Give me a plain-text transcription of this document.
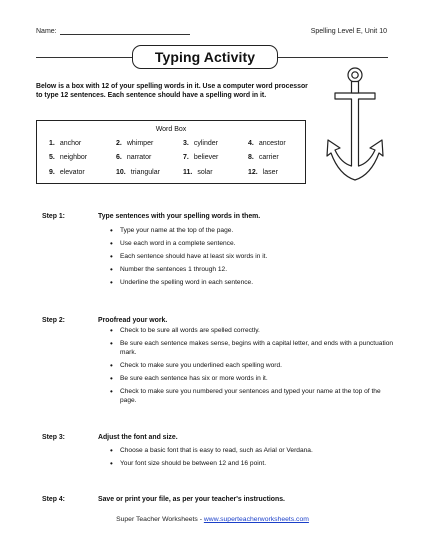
Name:	Spelling Level E, Unit 10
Typing Activity
Below is a box with 12 of your spelling words in it. Use a computer word processor to type 12 sentences. Each sentence should have a spelling word in it.
Word Box
1. anchor	2. whimper	3. cylinder	4. ancestor
5. neighbor	6. narrator	7. believer	8. carrier
9. elevator	10. triangular	11. solar	12. laser
Step 1:	Type sentences with your spelling words in them.
• Type your name at the top of the page.
• Use each word in a complete sentence.
• Each sentence should have at least six words in it.
• Number the sentences 1 through 12.
• Underline the spelling word in each sentence.
Step 2:	Proofread your work.
• Check to be sure all words are spelled correctly.
• Be sure each sentence makes sense, begins with a capital letter, and ends with a punctuation mark.
• Check to make sure you underlined each spelling word.
• Be sure each sentence has six or more words in it.
• Check to make sure you numbered your sentences and typed your name at the top of the page.
Step 3:	Adjust the font and size.
• Choose a basic font that is easy to read, such as Arial or Verdana.
• Your font size should be between 12 and 16 point.
Step 4:	Save or print your file, as per your teacher's instructions.
Super Teacher Worksheets - www.superteacherworksheets.com
